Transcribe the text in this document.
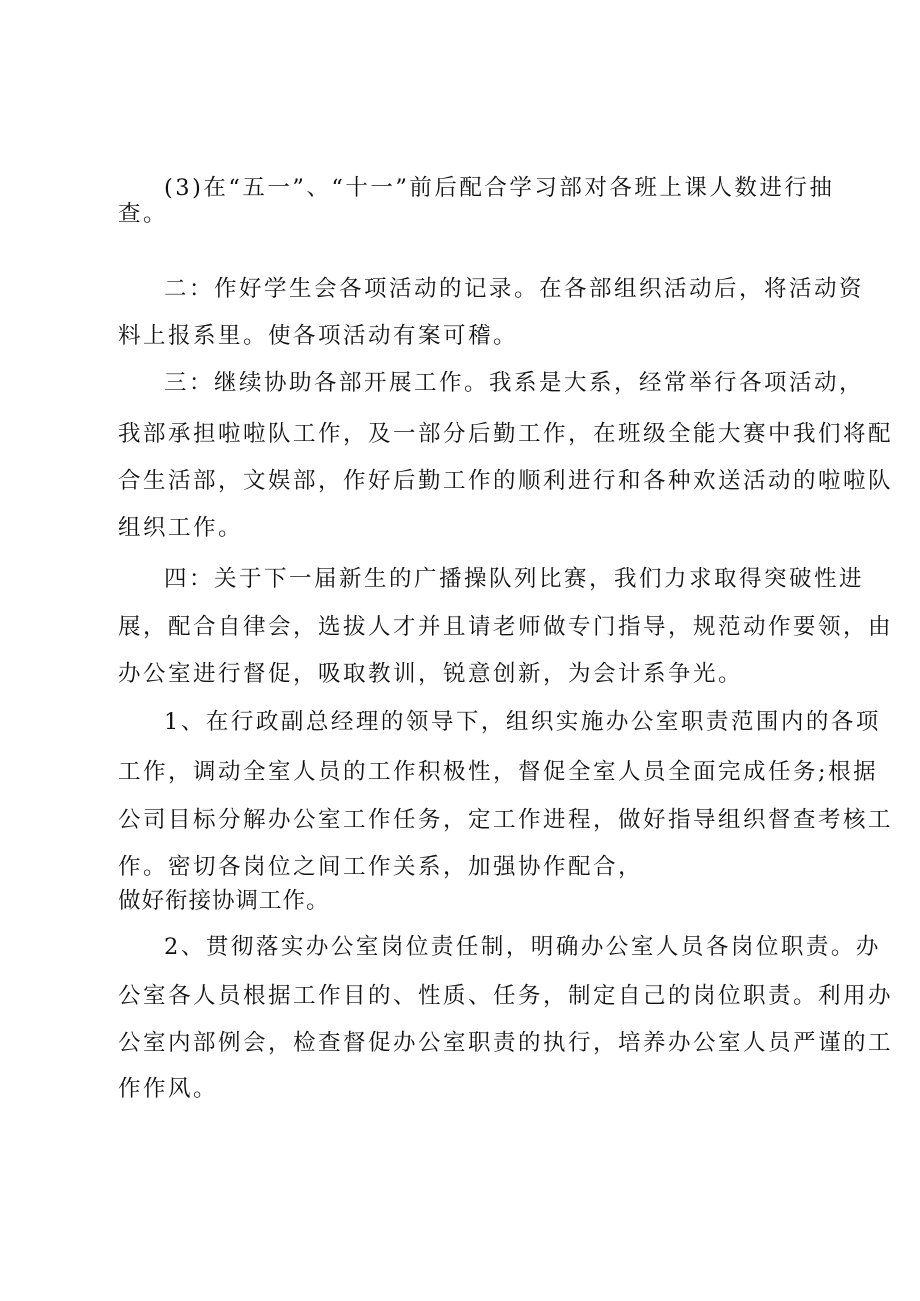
(3)在“五一”、“十一”前后配合学习部对各班上课人数进行抽
查。
二：作好学生会各项活动的记录。在各部组织活动后，将活动资
料上报系里。使各项活动有案可稽。
三：继续协助各部开展工作。我系是大系，经常举行各项活动，
我部承担啦啦队工作，及一部分后勤工作，在班级全能大赛中我们将配
合生活部，文娱部，作好后勤工作的顺利进行和各种欢送活动的啦啦队
组织工作。
四：关于下一届新生的广播操队列比赛，我们力求取得突破性进
展，配合自律会，选拔人才并且请老师做专门指导，规范动作要领，由
办公室进行督促，吸取教训，锐意创新，为会计系争光。
1、在行政副总经理的领导下，组织实施办公室职责范围内的各项
工作，调动全室人员的工作积极性，督促全室人员全面完成任务;根据
公司目标分解办公室工作任务，定工作进程，做好指导组织督查考核工
作。密切各岗位之间工作关系，加强协作配合，
做好衔接协调工作。
2、贯彻落实办公室岗位责任制，明确办公室人员各岗位职责。办
公室各人员根据工作目的、性质、任务，制定自己的岗位职责。利用办
公室内部例会，检查督促办公室职责的执行，培养办公室人员严谨的工
作作风。
